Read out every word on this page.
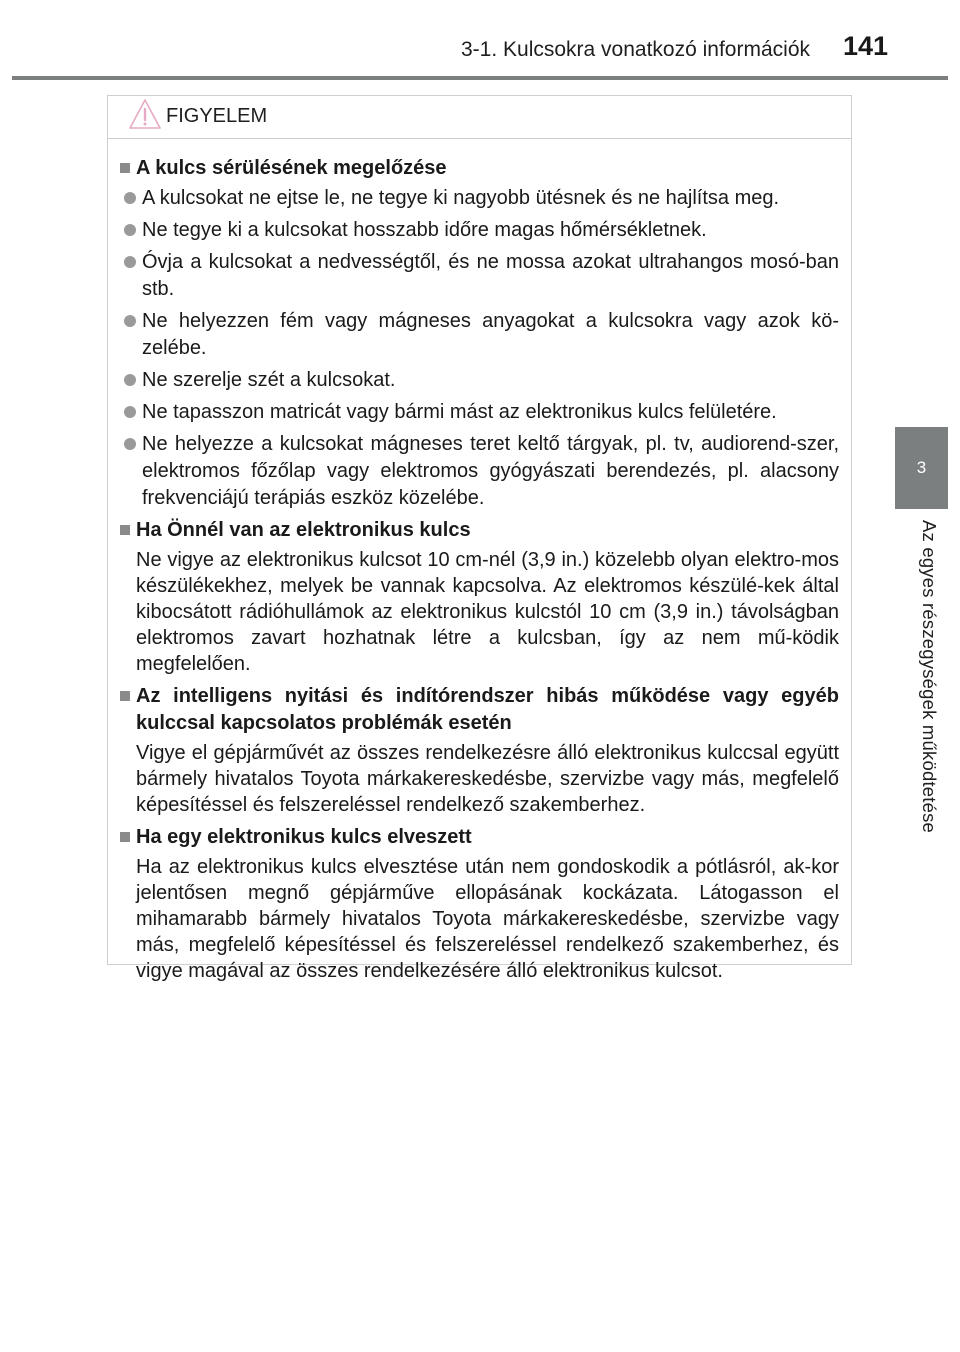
3-1. Kulcsokra vonatkozó információk 141
3
Az egyes részegységek működtetése
FIGYELEM
A kulcs sérülésének megelőzése
A kulcsokat ne ejtse le, ne tegye ki nagyobb ütésnek és ne hajlítsa meg.
Ne tegye ki a kulcsokat hosszabb időre magas hőmérsékletnek.
Óvja a kulcsokat a nedvességtől, és ne mossa azokat ultrahangos mosó-ban stb.
Ne helyezzen fém vagy mágneses anyagokat a kulcsokra vagy azok kö-zelébe.
Ne szerelje szét a kulcsokat.
Ne tapasszon matricát vagy bármi mást az elektronikus kulcs felületére.
Ne helyezze a kulcsokat mágneses teret keltő tárgyak, pl. tv, audiorend-szer, elektromos főzőlap vagy elektromos gyógyászati berendezés, pl. alacsony frekvenciájú terápiás eszköz közelébe.
Ha Önnél van az elektronikus kulcs
Ne vigye az elektronikus kulcsot 10 cm-nél (3,9 in.) közelebb olyan elektro-mos készülékekhez, melyek be vannak kapcsolva. Az elektromos készülé-kek által kibocsátott rádióhullámok az elektronikus kulcstól 10 cm (3,9 in.) távolságban elektromos zavart hozhatnak létre a kulcsban, így az nem mű-ködik megfelelően.
Az intelligens nyitási és indítórendszer hibás működése vagy egyéb kulccsal kapcsolatos problémák esetén
Vigye el gépjárművét az összes rendelkezésre álló elektronikus kulccsal együtt bármely hivatalos Toyota márkakereskedésbe, szervizbe vagy más, megfelelő képesítéssel és felszereléssel rendelkező szakemberhez.
Ha egy elektronikus kulcs elveszett
Ha az elektronikus kulcs elvesztése után nem gondoskodik a pótlásról, ak-kor jelentősen megnő gépjárműve ellopásának kockázata. Látogasson el mihamarabb bármely hivatalos Toyota márkakereskedésbe, szervizbe vagy más, megfelelő képesítéssel és felszereléssel rendelkező szakemberhez, és vigye magával az összes rendelkezésére álló elektronikus kulcsot.
